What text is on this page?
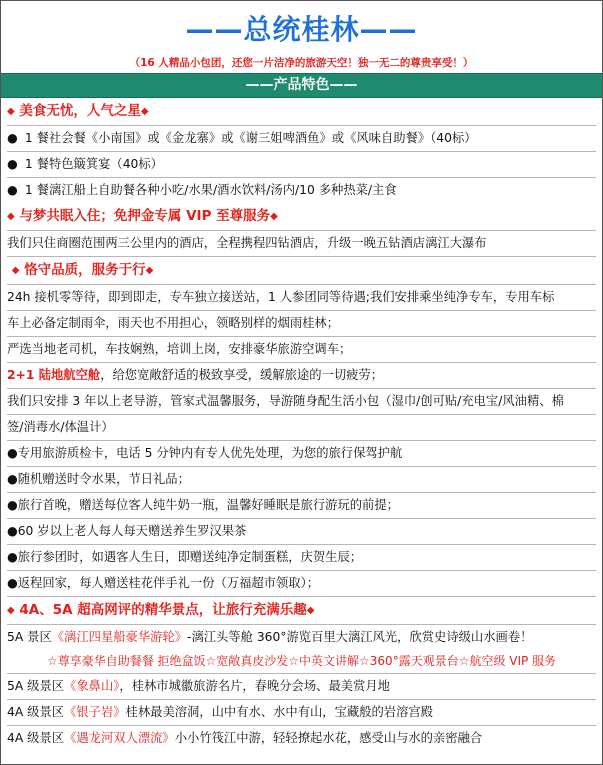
——总统桂林——
（16 人精品小包团，还您一片洁净的旅游天空！独一无二的尊贵享受！）
——产品特色——
◆ 美食无忧，人气之星◆
● 1 餐社会餐《小南国》或《金龙寨》或《谢三姐啤酒鱼》或《风味自助餐》（40标）
● 1 餐特色簸箕宴（40标）
● 1 餐漓江船上自助餐各种小吃/水果/酒水饮料/汤内/10 多种热菜/主食
◆ 与梦共眠入住；免押金专属 VIP 至尊服务◆
我们只住商圈范围两三公里内的酒店，全程携程四钻酒店，升级一晚五钻酒店漓江大瀑布
◆ 恪守品质，服务于行◆
24h 接机零等待，即到即走，专车独立接送站，1 人参团同等待遇;我们安排乘坐纯净专车，专用车标
车上必备定制雨伞，雨天也不用担心，领略别样的烟雨桂林；
严选当地老司机，车技娴熟，培训上岗，安排豪华旅游空调车；
2+1 陆地航空舱，给您宽敞舒适的极致享受，缓解旅途的一切疲劳；
我们只安排 3 年以上老导游，管家式温馨服务，导游随身配生活小包（湿巾/创可贴/充电宝/风油精、棉
签/消毒水/体温计）
●专用旅游质检卡，电话 5 分钟内有专人优先处理，为您的旅行保驾护航
●随机赠送时令水果，节日礼品；
●旅行首晚，赠送每位客人纯牛奶一瓶，温馨好睡眠是旅行游玩的前提；
●60 岁以上老人每人每天赠送养生罗汉果茶
●旅行参团时，如遇客人生日，即赠送纯净定制蛋糕，庆贺生辰；
●返程回家，每人赠送桂花伴手礼一份（万福超市领取）；
◆ 4A、5A 超高网评的精华景点，让旅行充满乐趣◆
5A 景区《漓江四星船豪华游轮》-漓江头等舱 360°游览百里大漓江风光，欣赏史诗级山水画卷！
☆尊享豪华自助餐餐 拒绝盒饭☆宽敞真皮沙发☆中英文讲解☆360°露天观景台☆航空级 VIP 服务
5A 级景区《象鼻山》，桂林市城徽旅游名片，春晚分会场、最美赏月地
4A 级景区《银子岩》桂林最美溶洞，山中有水、水中有山，宝藏般的岩溶宫殿
4A 级景区《遇龙河双人漂流》小小竹筏江中游，轻轻撩起水花，感受山与水的亲密融合
